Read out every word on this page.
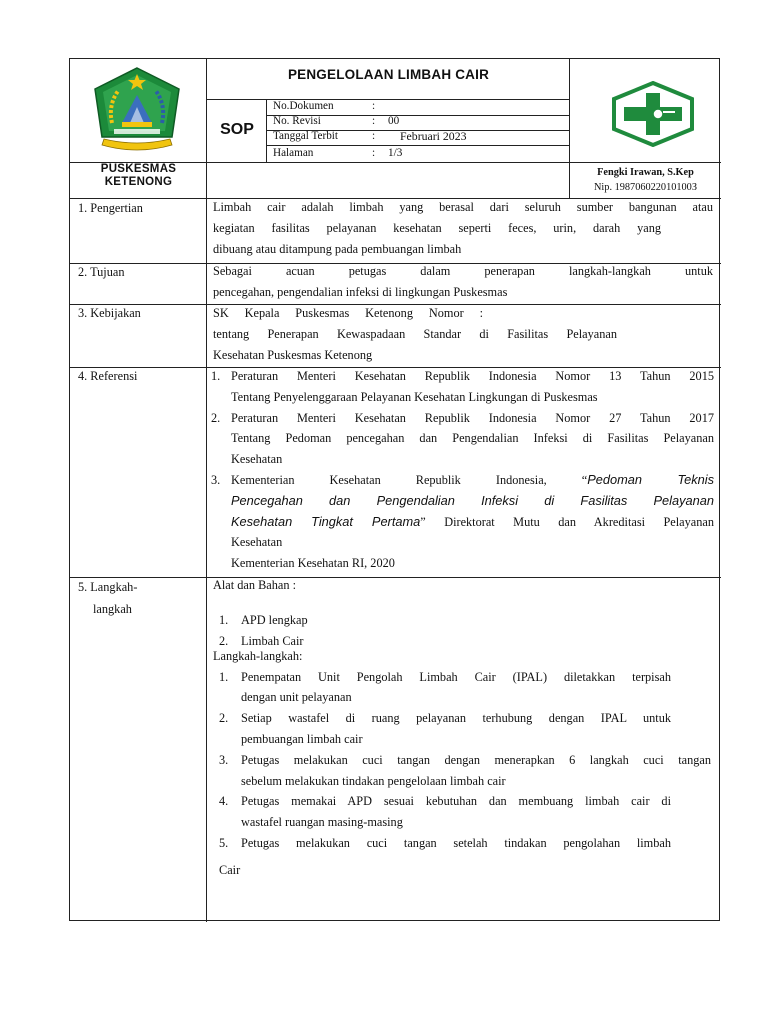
PENGELOLAAN LIMBAH CAIR
SOP
No.Dokumen	:
No. Revisi	: 00
Tanggal Terbit	: Februari 2023
Halaman	: 1/3
PUSKESMAS
KETENONG
Fengki Irawan, S.Kep
Nip. 198706022010100З
1. Pengertian	Limbah cair adalah limbah yang berasal dari seluruh sumber bangunan atau
kegiatan fasilitas pelayanan kesehatan seperti feces, urin, darah yang
dibuang atau ditampung pada pembuangan limbah
2. Tujuan	Sebagai acuan petugas dalam penerapan langkah-langkah untuk
pencegahan, pengendalian infeksi di lingkungan Puskesmas
3. Kebijakan	SK Kepala Puskesmas Ketenong Nomor :
tentang Penerapan Kewaspadaan Standar di Fasilitas Pelayanan
Kesehatan Puskesmas Ketenong
4. Referensi	1. Peraturan Menteri Kesehatan Republik Indonesia Nomor 13 Tahun 2015
Tentang Penyelenggaraan Pelayanan Kesehatan Lingkungan di Puskesmas
2. Peraturan Menteri Kesehatan Republik Indonesia Nomor 27 Tahun 2017
Tentang Pedoman pencegahan dan Pengendalian Infeksi di Fasilitas Pelayanan
Kesehatan
3. Kementerian Kesehatan Republik Indonesia, “Pedoman Teknis
Pencegahan dan Pengendalian Infeksi di Fasilitas Pelayanan
Kesehatan Tingkat Pertama” Direktorat Mutu dan Akreditasi Pelayanan
Kesehatan
Kementerian Kesehatan RI, 2020
5. Langkah-
langkah
Alat dan Bahan :
1. APD lengkap
2. Limbah Cair
Langkah-langkah:
1. Penempatan Unit Pengolah Limbah Cair (IPAL) diletakkan terpisah
dengan unit pelayanan
2. Setiap wastafel di ruang pelayanan terhubung dengan IPAL untuk
pembuangan limbah cair
3. Petugas melakukan cuci tangan dengan menerapkan 6 langkah cuci tangan
sebelum melakukan tindakan pengelolaan limbah cair
4. Petugas memakai APD sesuai kebutuhan dan membuang limbah cair di
wastafel ruangan masing-masing
5. Petugas melakukan cuci tangan setelah tindakan pengolahan limbah
Cair
